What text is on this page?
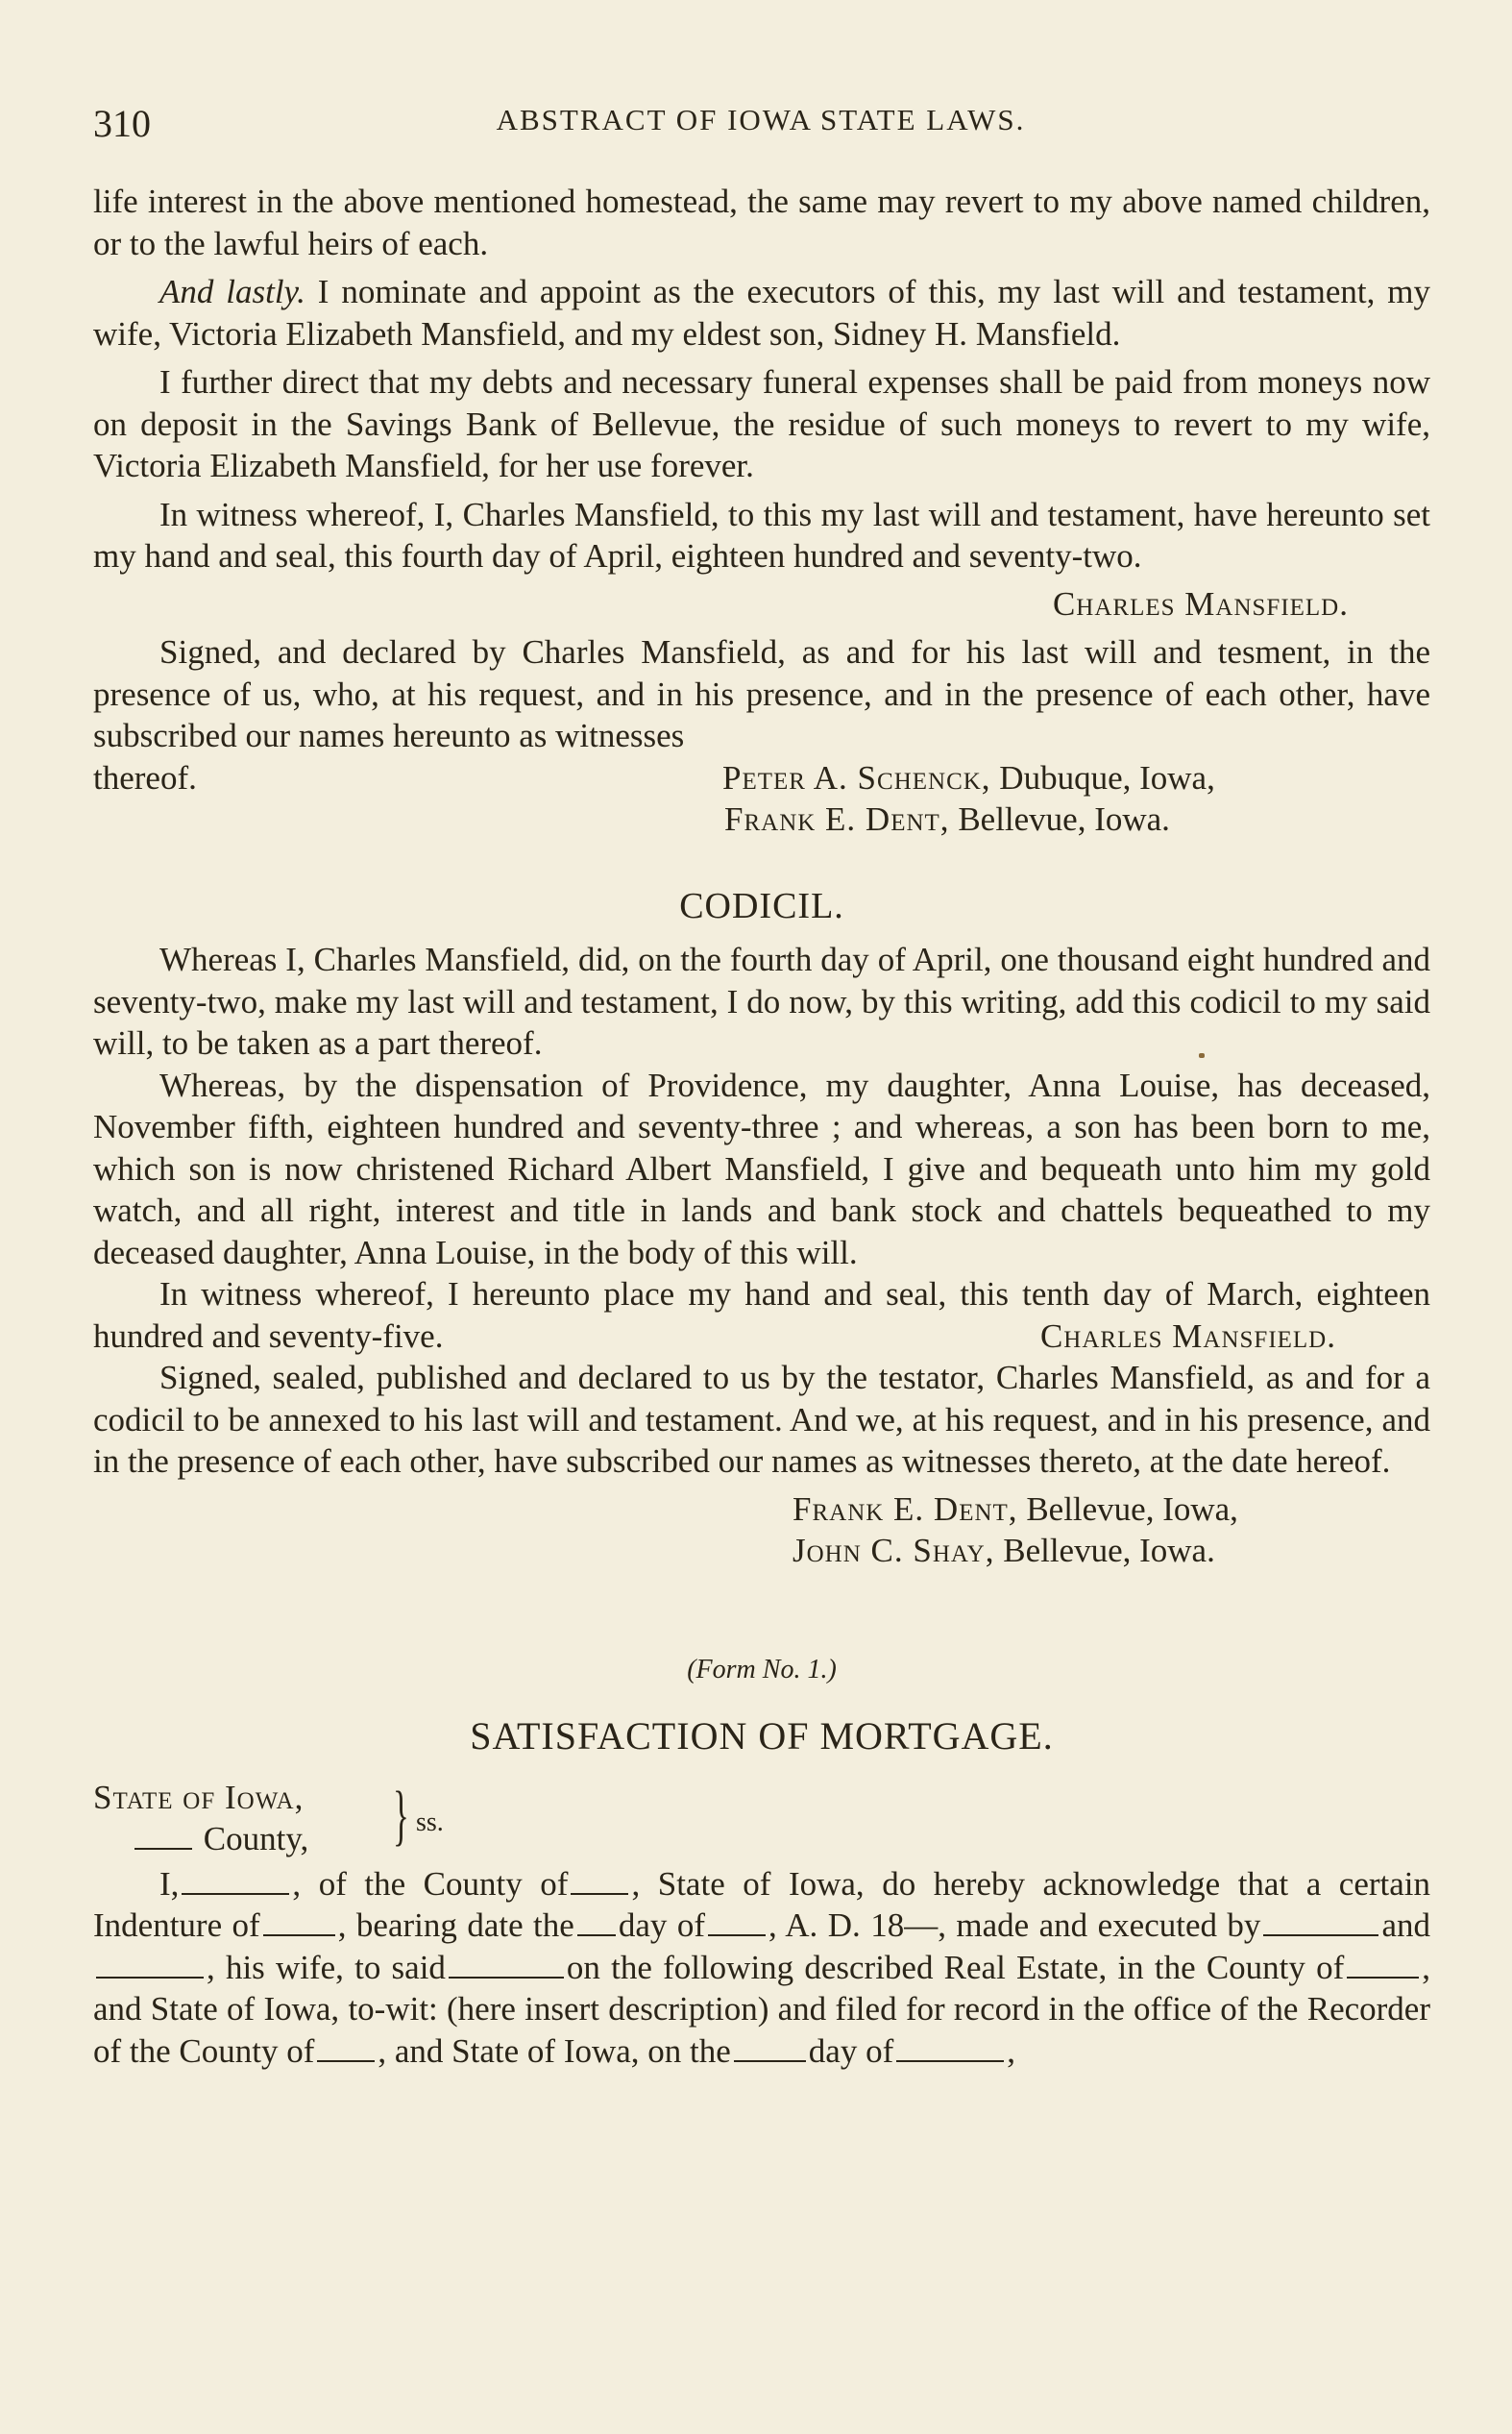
310	ABSTRACT OF IOWA STATE LAWS.

life interest in the above mentioned homestead, the same may revert to my above named children, or to the lawful heirs of each.

And lastly. I nominate and appoint as the executors of this, my last will and testament, my wife, Victoria Elizabeth Mansfield, and my eldest son, Sidney H. Mansfield.

I further direct that my debts and necessary funeral expenses shall be paid from moneys now on deposit in the Savings Bank of Bellevue, the residue of such moneys to revert to my wife, Victoria Elizabeth Mansfield, for her use forever.

In witness whereof, I, Charles Mansfield, to this my last will and testament, have hereunto set my hand and seal, this fourth day of April, eighteen hundred and seventy-two.

Charles Mansfield.

Signed, and declared by Charles Mansfield, as and for his last will and tesment, in the presence of us, who, at his request, and in his presence, and in the presence of each other, have subscribed our names hereunto as witnesses

thereof.	Peter A. Schenck, Dubuque, Iowa,
Frank E. Dent, Bellevue, Iowa.
CODICIL.

Whereas I, Charles Mansfield, did, on the fourth day of April, one thousand eight hundred and seventy-two, make my last will and testament, I do now, by this writing, add this codicil to my said will, to be taken as a part thereof.

Whereas, by the dispensation of Providence, my daughter, Anna Louise, has deceased, November fifth, eighteen hundred and seventy-three ; and whereas, a son has been born to me, which son is now christened Richard Albert Mansfield, I give and bequeath unto him my gold watch, and all right, interest and title in lands and bank stock and chattels bequeathed to my deceased daughter, Anna Louise, in the body of this will.

In witness whereof, I hereunto place my hand and seal, this tenth day of March, eighteen hundred and seventy-five.	Charles Mansfield.

Signed, sealed, published and declared to us by the testator, Charles Mansfield, as and for a codicil to be annexed to his last will and testament. And we, at his request, and in his presence, and in the presence of each other, have subscribed our names as witnesses thereto, at the date hereof.

Frank E. Dent, Bellevue, Iowa,
John C. Shay, Bellevue, Iowa.
(Form No. 1.)
SATISFACTION OF MORTGAGE.
State of Iowa,
County, } ss.

I,	, of the County of , State of Iowa, do hereby acknowledge that a certain Indenture of , bearing date the day of , A. D. 18—, made and executed by	and, his wife, to said	on the following described Real Estate, in the County of , and State of Iowa, to-wit: (here insert description) and filed for record in the office of the Recorder of the County of , and State of Iowa, on the day of	,
